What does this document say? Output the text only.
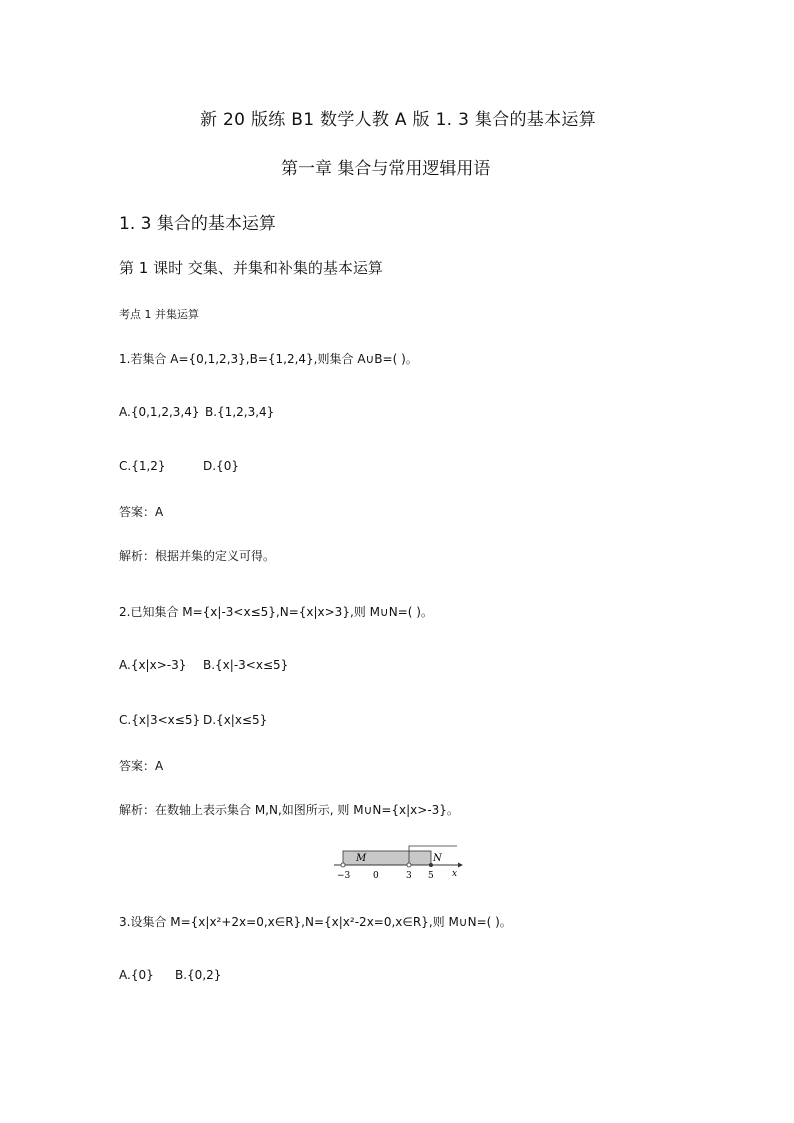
新 20 版练 B1 数学人教 A 版 1. 3 集合的基本运算
第一章 集合与常用逻辑用语
1. 3 集合的基本运算
第 1 课时 交集、并集和补集的基本运算
考点 1 并集运算
1.若集合 A={0,1,2,3},B={1,2,4},则集合 A∪B=( )。
A.{0,1,2,3,4} B.{1,2,3,4}
C.{1,2}	D.{0}
答案：A
解析：根据并集的定义可得。
2.已知集合 M={x|-3<x≤5},N={x|x>3},则 M∪N=( )。
A.{x|x>-3} B.{x|-3<x≤5}
C.{x|3<x≤5} D.{x|x≤5}
答案：A
解析：在数轴上表示集合 M,N,如图所示, 则 M∪N={x|x>-3}。
M	N
−3	0	3 5 x
3.设集合 M={x|x²+2x=0,x∈R},N={x|x²-2x=0,x∈R},则 M∪N=( )。
A.{0} B.{0,2}
